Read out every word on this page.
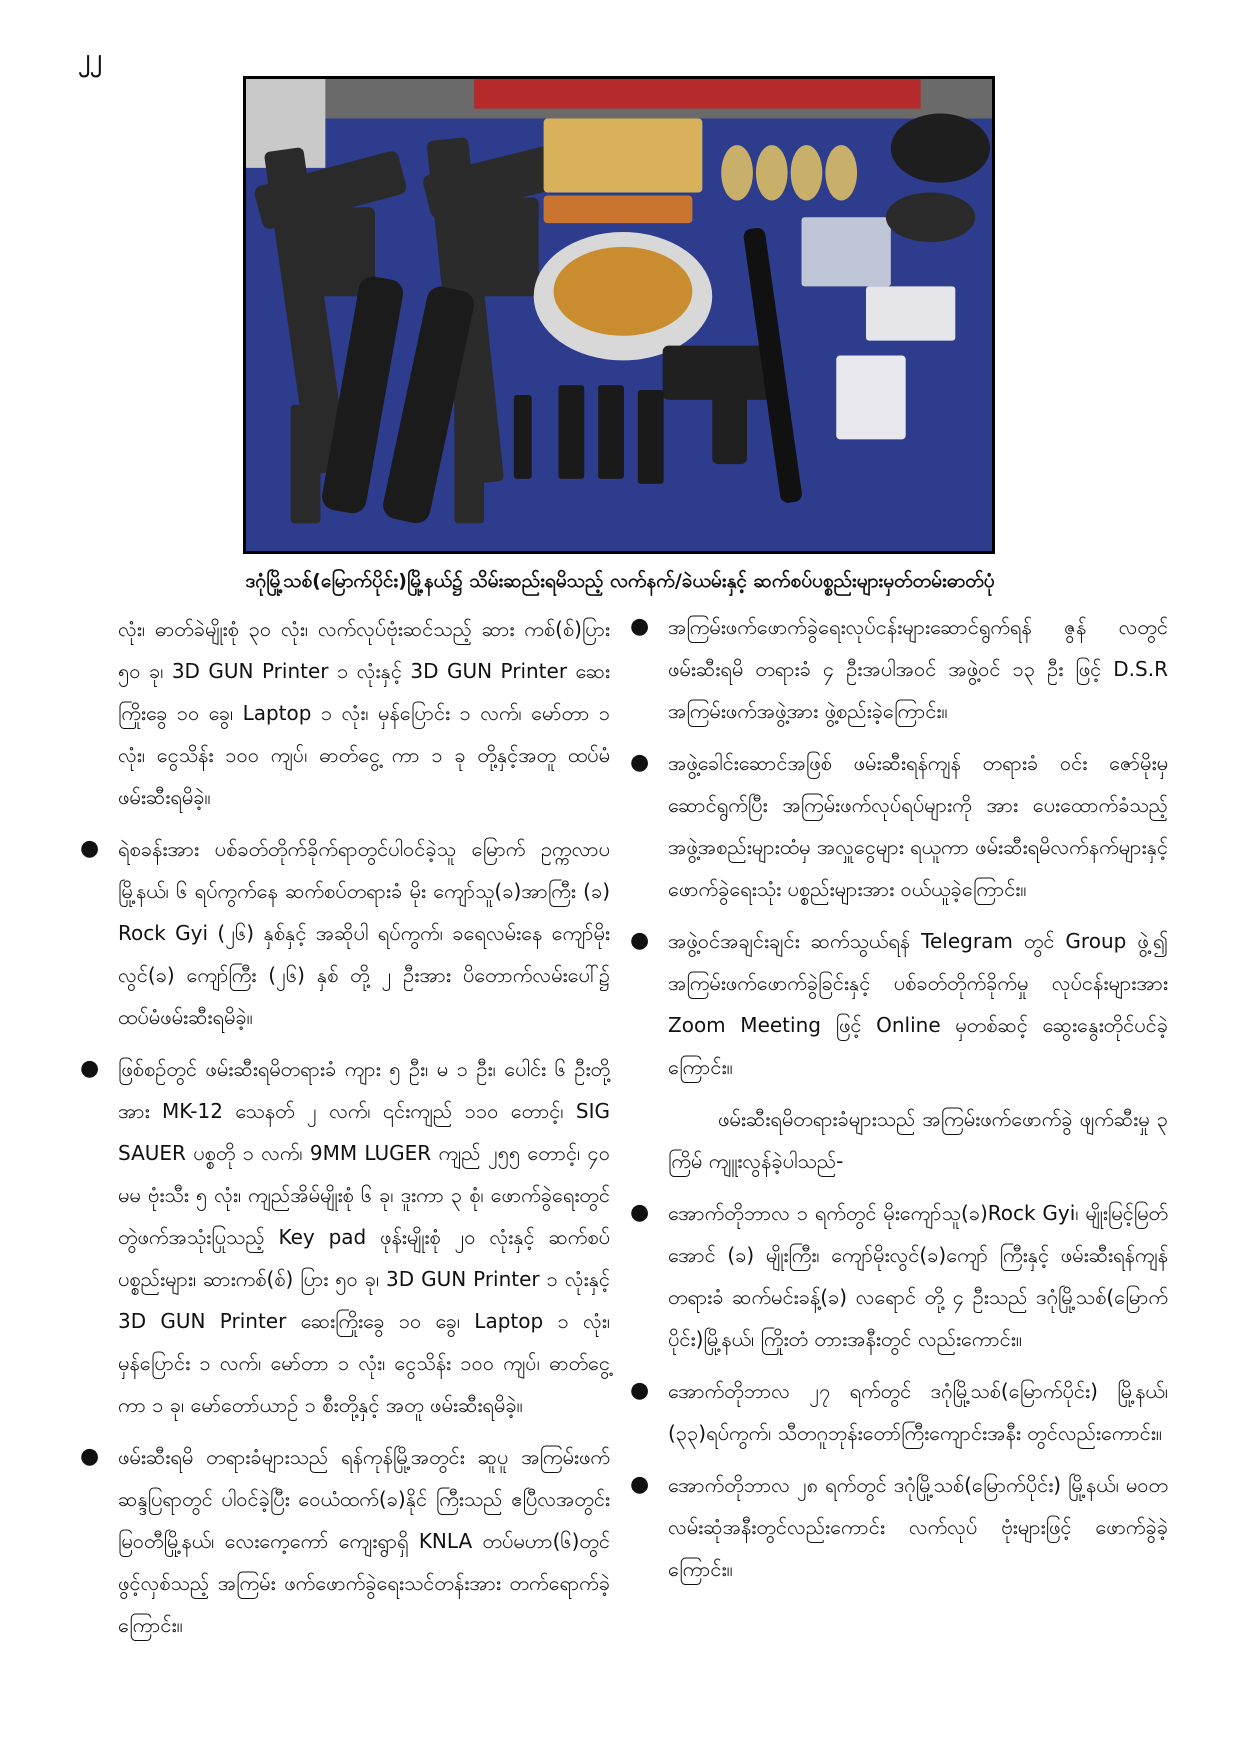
၂၂
ဒဂုံမြို့သစ်(မြောက်ပိုင်း)မြို့နယ်၌ သိမ်းဆည်းရမိသည့် လက်နက်/ခဲယမ်းနှင့် ဆက်စပ်ပစ္စည်းများမှတ်တမ်းဓာတ်ပုံ

လုံး၊ ဓာတ်ခဲမျိုးစုံ ၃၀ လုံး၊ လက်လုပ်ဗုံးဆင်သည့် ဆား ကစ်(စ်)ပြား ၅၀ ခု၊ 3D GUN Printer ၁ လုံးနှင့် 3D GUN Printer ဆေးကြိုးခွေ ၁၀ ခွေ၊ Laptop ၁ လုံး၊ မှန်ပြောင်း ၁ လက်၊ မော်တာ ၁ လုံး၊ ငွေသိန်း ၁၀၀ ကျပ်၊ ဓာတ်ငွေ့ ကာ ၁ ခု တို့နှင့်အတူ ထပ်မံဖမ်းဆီးရမိခဲ့။

● ရဲစခန်းအား ပစ်ခတ်တိုက်ခိုက်ရာတွင်ပါဝင်ခဲ့သူ မြောက် ဥက္ကလာပမြို့နယ်၊ ၆ ရပ်ကွက်နေ ဆက်စပ်တရားခံ မိုး ကျော်သူ(ခ)အာကြီး (ခ) Rock Gyi (၂၆) နှစ်နှင့် အဆိုပါ ရပ်ကွက်၊ ခရေလမ်းနေ ကျော်မိုးလွင်(ခ) ကျော်ကြီး (၂၆) နှစ် တို့ ၂ ဦးအား ပိတောက်လမ်းပေါ်၌ ထပ်မံဖမ်းဆီးရမိခဲ့။
● ဖြစ်စဉ်တွင် ဖမ်းဆီးရမိတရားခံ ကျား ၅ ဦး၊ မ ၁ ဦး၊ ပေါင်း ၆ ဦးတို့အား MK-12 သေနတ် ၂ လက်၊ ၎င်းကျည် ၁၁၀ တောင့်၊ SIG SAUER ပစ္စတို ၁ လက်၊ 9MM LUGER ကျည် ၂၅၅ တောင့်၊ ၄၀ မမ ဗုံးသီး ၅ လုံး၊ ကျည်အိမ်မျိုးစုံ ၆ ခု၊ ဒူးကာ ၃ စုံ၊ ဖောက်ခွဲရေးတွင် တွဲဖက်အသုံးပြုသည့် Key pad ဖုန်းမျိုးစုံ ၂၀ လုံးနှင့် ဆက်စပ်ပစ္စည်းများ၊ ဆားကစ်(စ်) ပြား ၅၀ ခု၊ 3D GUN Printer ၁ လုံးနှင့် 3D GUN Printer ဆေးကြိုးခွေ ၁၀ ခွေ၊ Laptop ၁ လုံး၊ မှန်ပြောင်း ၁ လက်၊ မော်တာ ၁ လုံး၊ ငွေသိန်း ၁၀၀ ကျပ်၊ ဓာတ်ငွေ့ကာ ၁ ခု၊ မော်တော်ယာဉ် ၁ စီးတို့နှင့် အတူ ဖမ်းဆီးရမိခဲ့။
● ဖမ်းဆီးရမိ တရားခံများသည် ရန်ကုန်မြို့အတွင်း ဆူပူ အကြမ်းဖက်ဆန္ဒပြရာတွင် ပါဝင်ခဲ့ပြီး ဝေယံထက်(ခ)နိုင် ကြီးသည် ဧပြီလအတွင်း မြဝတီမြို့နယ်၊ လေးကေ့ကော် ကျေးရွာရှိ KNLA တပ်မဟာ(၆)တွင် ဖွင့်လှစ်သည့် အကြမ်း ဖက်ဖောက်ခွဲရေးသင်တန်းအား တက်ရောက်ခဲ့ကြောင်း။
● အကြမ်းဖက်ဖောက်ခွဲရေးလုပ်ငန်းများဆောင်ရွက်ရန် ဇွန် လတွင် ဖမ်းဆီးရမိ တရားခံ ၄ ဦးအပါအဝင် အဖွဲ့ဝင် ၁၃ ဦး ဖြင့် D.S.R အကြမ်းဖက်အဖွဲ့အား ဖွဲ့စည်းခဲ့ကြောင်း။
● အဖွဲ့ခေါင်းဆောင်အဖြစ် ဖမ်းဆီးရန်ကျန် တရားခံ ဝင်း ဇော်မိုးမှ ဆောင်ရွက်ပြီး အကြမ်းဖက်လုပ်ရပ်များကို အား ပေးထောက်ခံသည့် အဖွဲ့အစည်းများထံမှ အလှူငွေများ ရယူကာ ဖမ်းဆီးရမိလက်နက်များနှင့် ဖောက်ခွဲရေးသုံး ပစ္စည်းများအား ဝယ်ယူခဲ့ကြောင်း။
● အဖွဲ့ဝင်အချင်းချင်း ဆက်သွယ်ရန် Telegram တွင် Group ဖွဲ့၍ အကြမ်းဖက်ဖောက်ခွဲခြင်းနှင့် ပစ်ခတ်တိုက်ခိုက်မှု လုပ်ငန်းများအား Zoom Meeting ဖြင့် Online မှတစ်ဆင့် ဆွေးနွေးတိုင်ပင်ခဲ့ကြောင်း။

ဖမ်းဆီးရမိတရားခံများသည် အကြမ်းဖက်ဖောက်ခွဲ ဖျက်ဆီးမှု ၃ ကြိမ် ကျူးလွန်ခဲ့ပါသည်-

● အောက်တိုဘာလ ၁ ရက်တွင် မိုးကျော်သူ(ခ)Rock Gyi၊ မျိုးမြင့်မြတ်အောင် (ခ) မျိုးကြီး၊ ကျော်မိုးလွင်(ခ)ကျော် ကြီးနှင့် ဖမ်းဆီးရန်ကျန် တရားခံ ဆက်မင်းခန့်(ခ) လရောင် တို့ ၄ ဦးသည် ဒဂုံမြို့သစ်(မြောက်ပိုင်း)မြို့နယ်၊ ကြိုးတံ တားအနီးတွင် လည်းကောင်း။
● အောက်တိုဘာလ ၂၇ ရက်တွင် ဒဂုံမြို့သစ်(မြောက်ပိုင်း) မြို့နယ်၊ (၃၃)ရပ်ကွက်၊ သီတဂူဘုန်းတော်ကြီးကျောင်းအနီး တွင်လည်းကောင်း။
● အောက်တိုဘာလ ၂၈ ရက်တွင် ဒဂုံမြို့သစ်(မြောက်ပိုင်း) မြို့နယ်၊ မ၀တ လမ်းဆုံအနီးတွင်လည်းကောင်း လက်လုပ် ဗုံးများဖြင့် ဖောက်ခွဲခဲ့ကြောင်း။
